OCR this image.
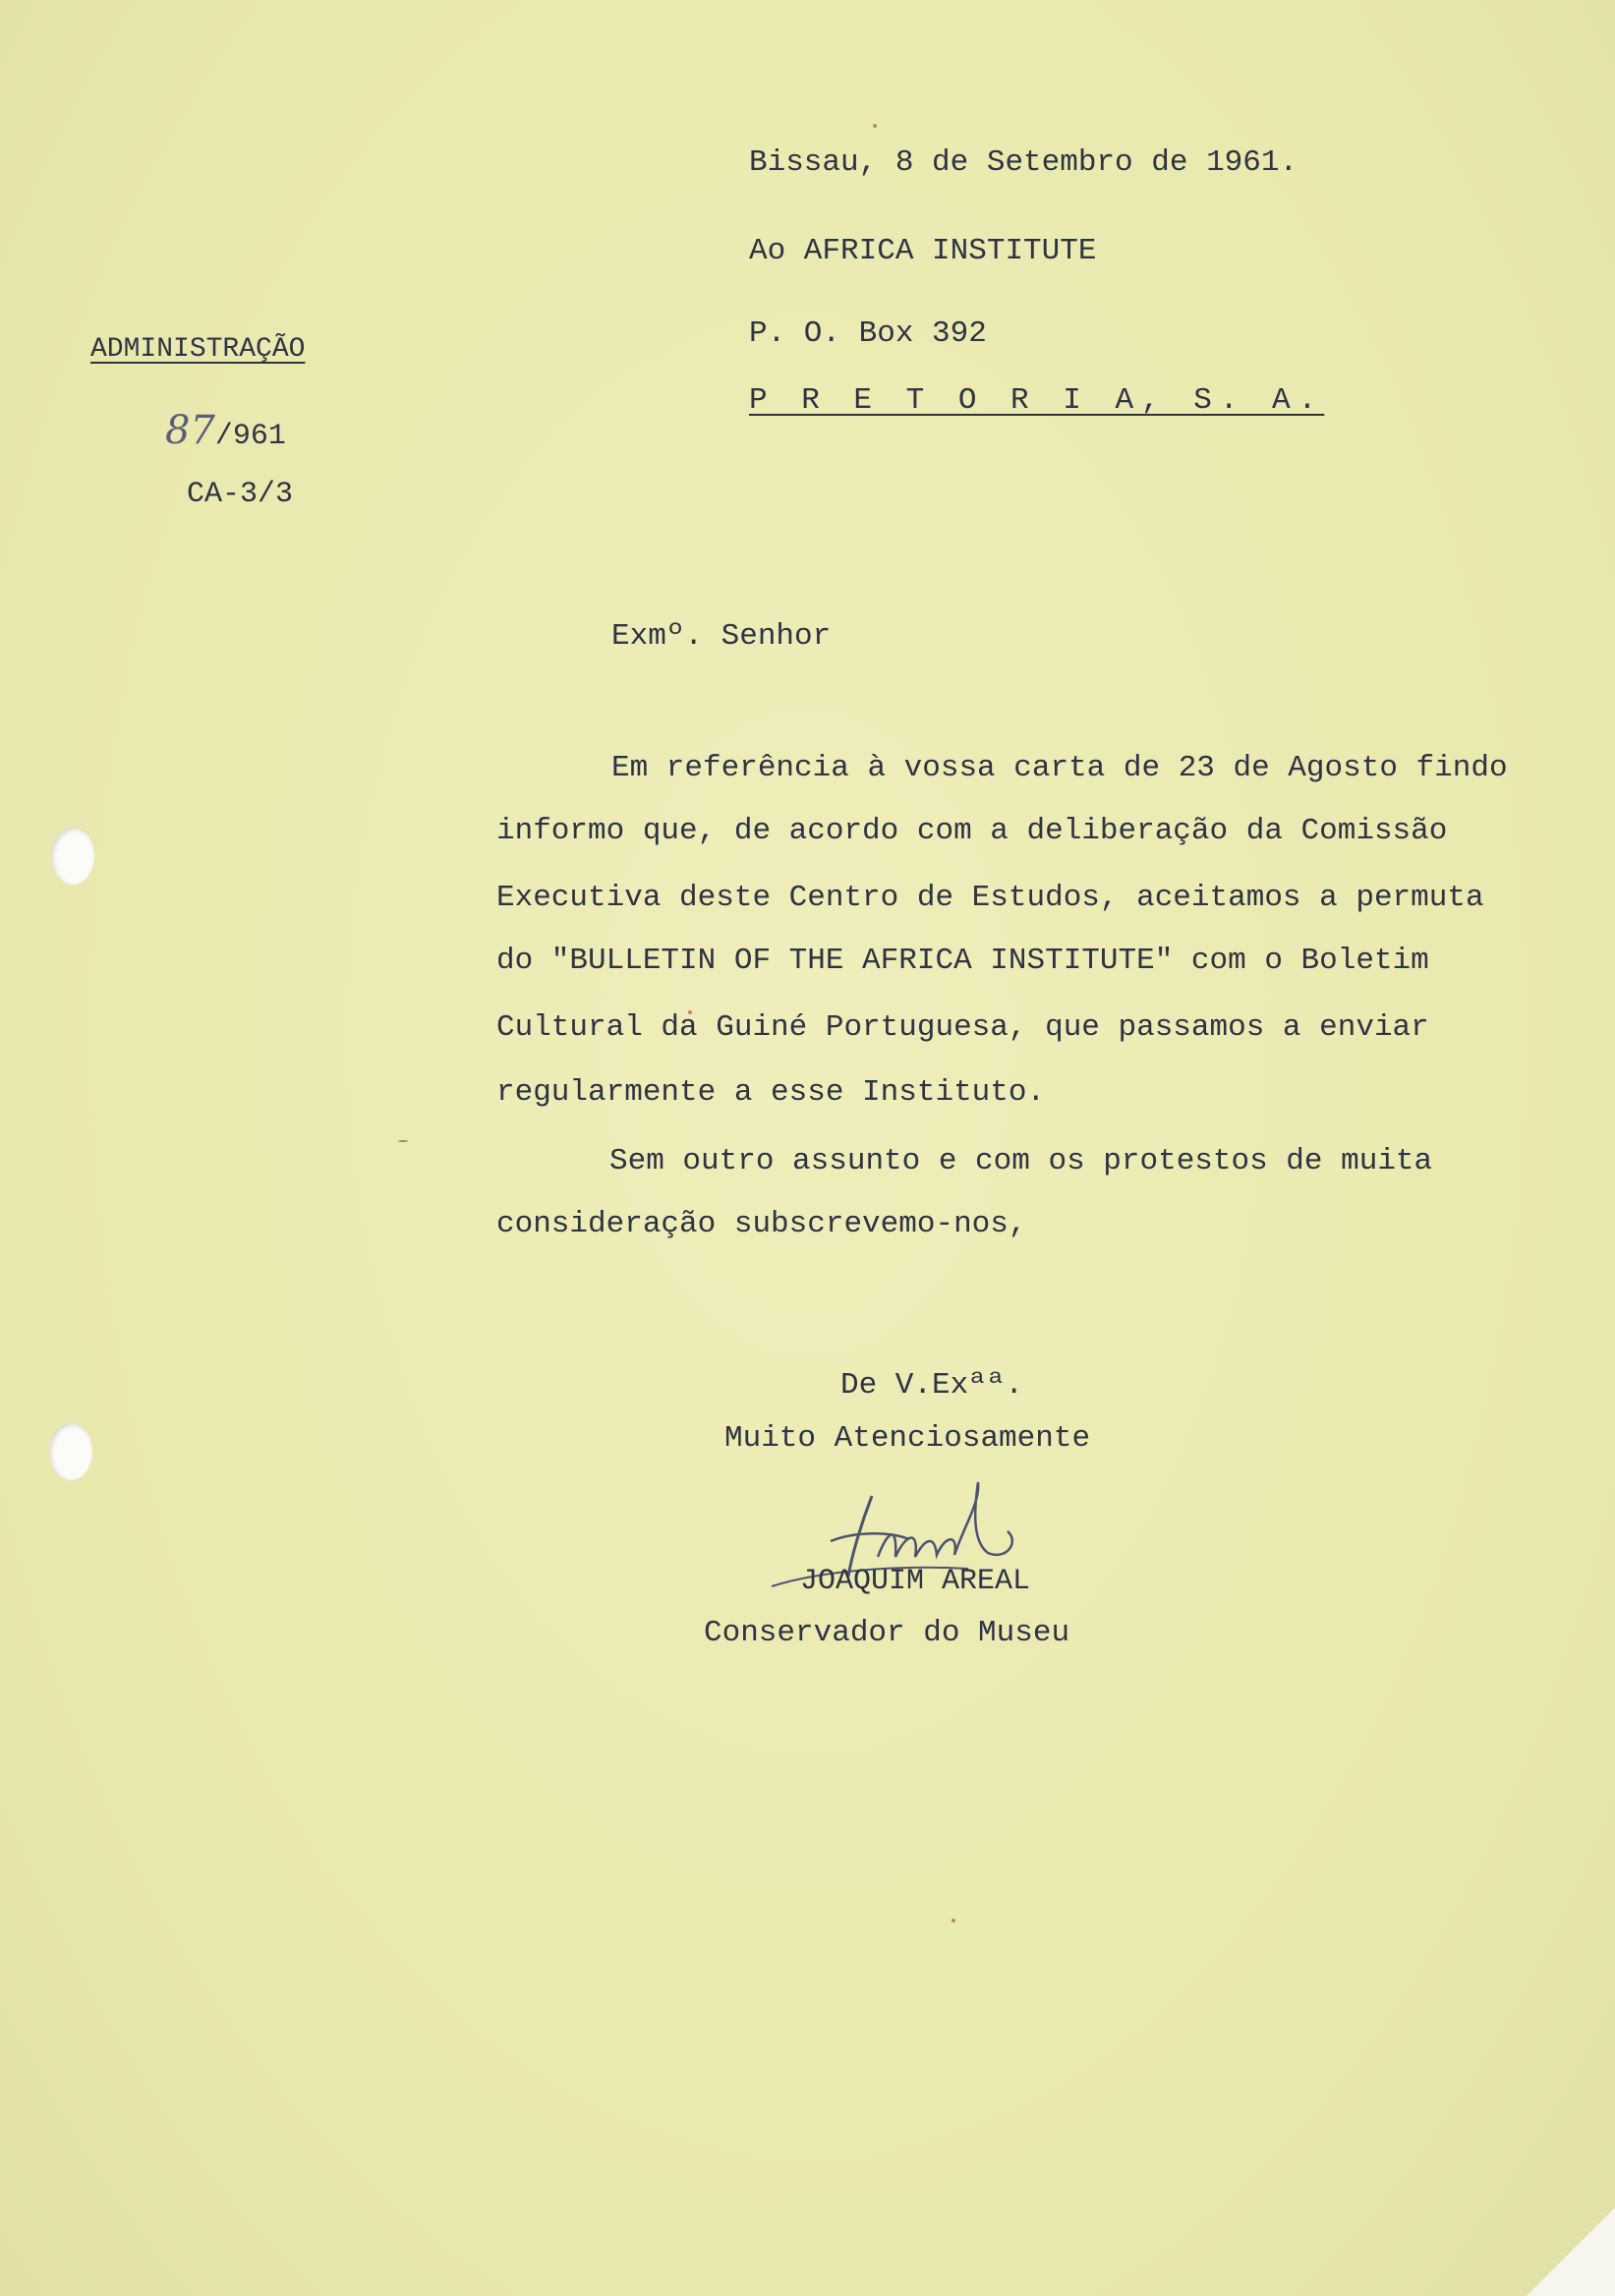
Bissau, 8 de Setembro de 1961.
Ao AFRICA INSTITUTE
P. O. Box 392
P R E T O R I A, S. A.
ADMINISTRAÇÃO
87/961
CA-3/3
Exmº. Senhor
Em referência à vossa carta de 23 de Agosto findo
informo que, de acordo com a deliberação da Comissão
Executiva deste Centro de Estudos, aceitamos a permuta
do "BULLETIN OF THE AFRICA INSTITUTE" com o Boletim
Cultural da Guiné Portuguesa, que passamos a enviar
regularmente a esse Instituto.
Sem outro assunto e com os protestos de muita
consideração subscrevemo-nos,
De V.Exªª.
Muito Atenciosamente
JOAQUIM AREAL
Conservador do Museu
